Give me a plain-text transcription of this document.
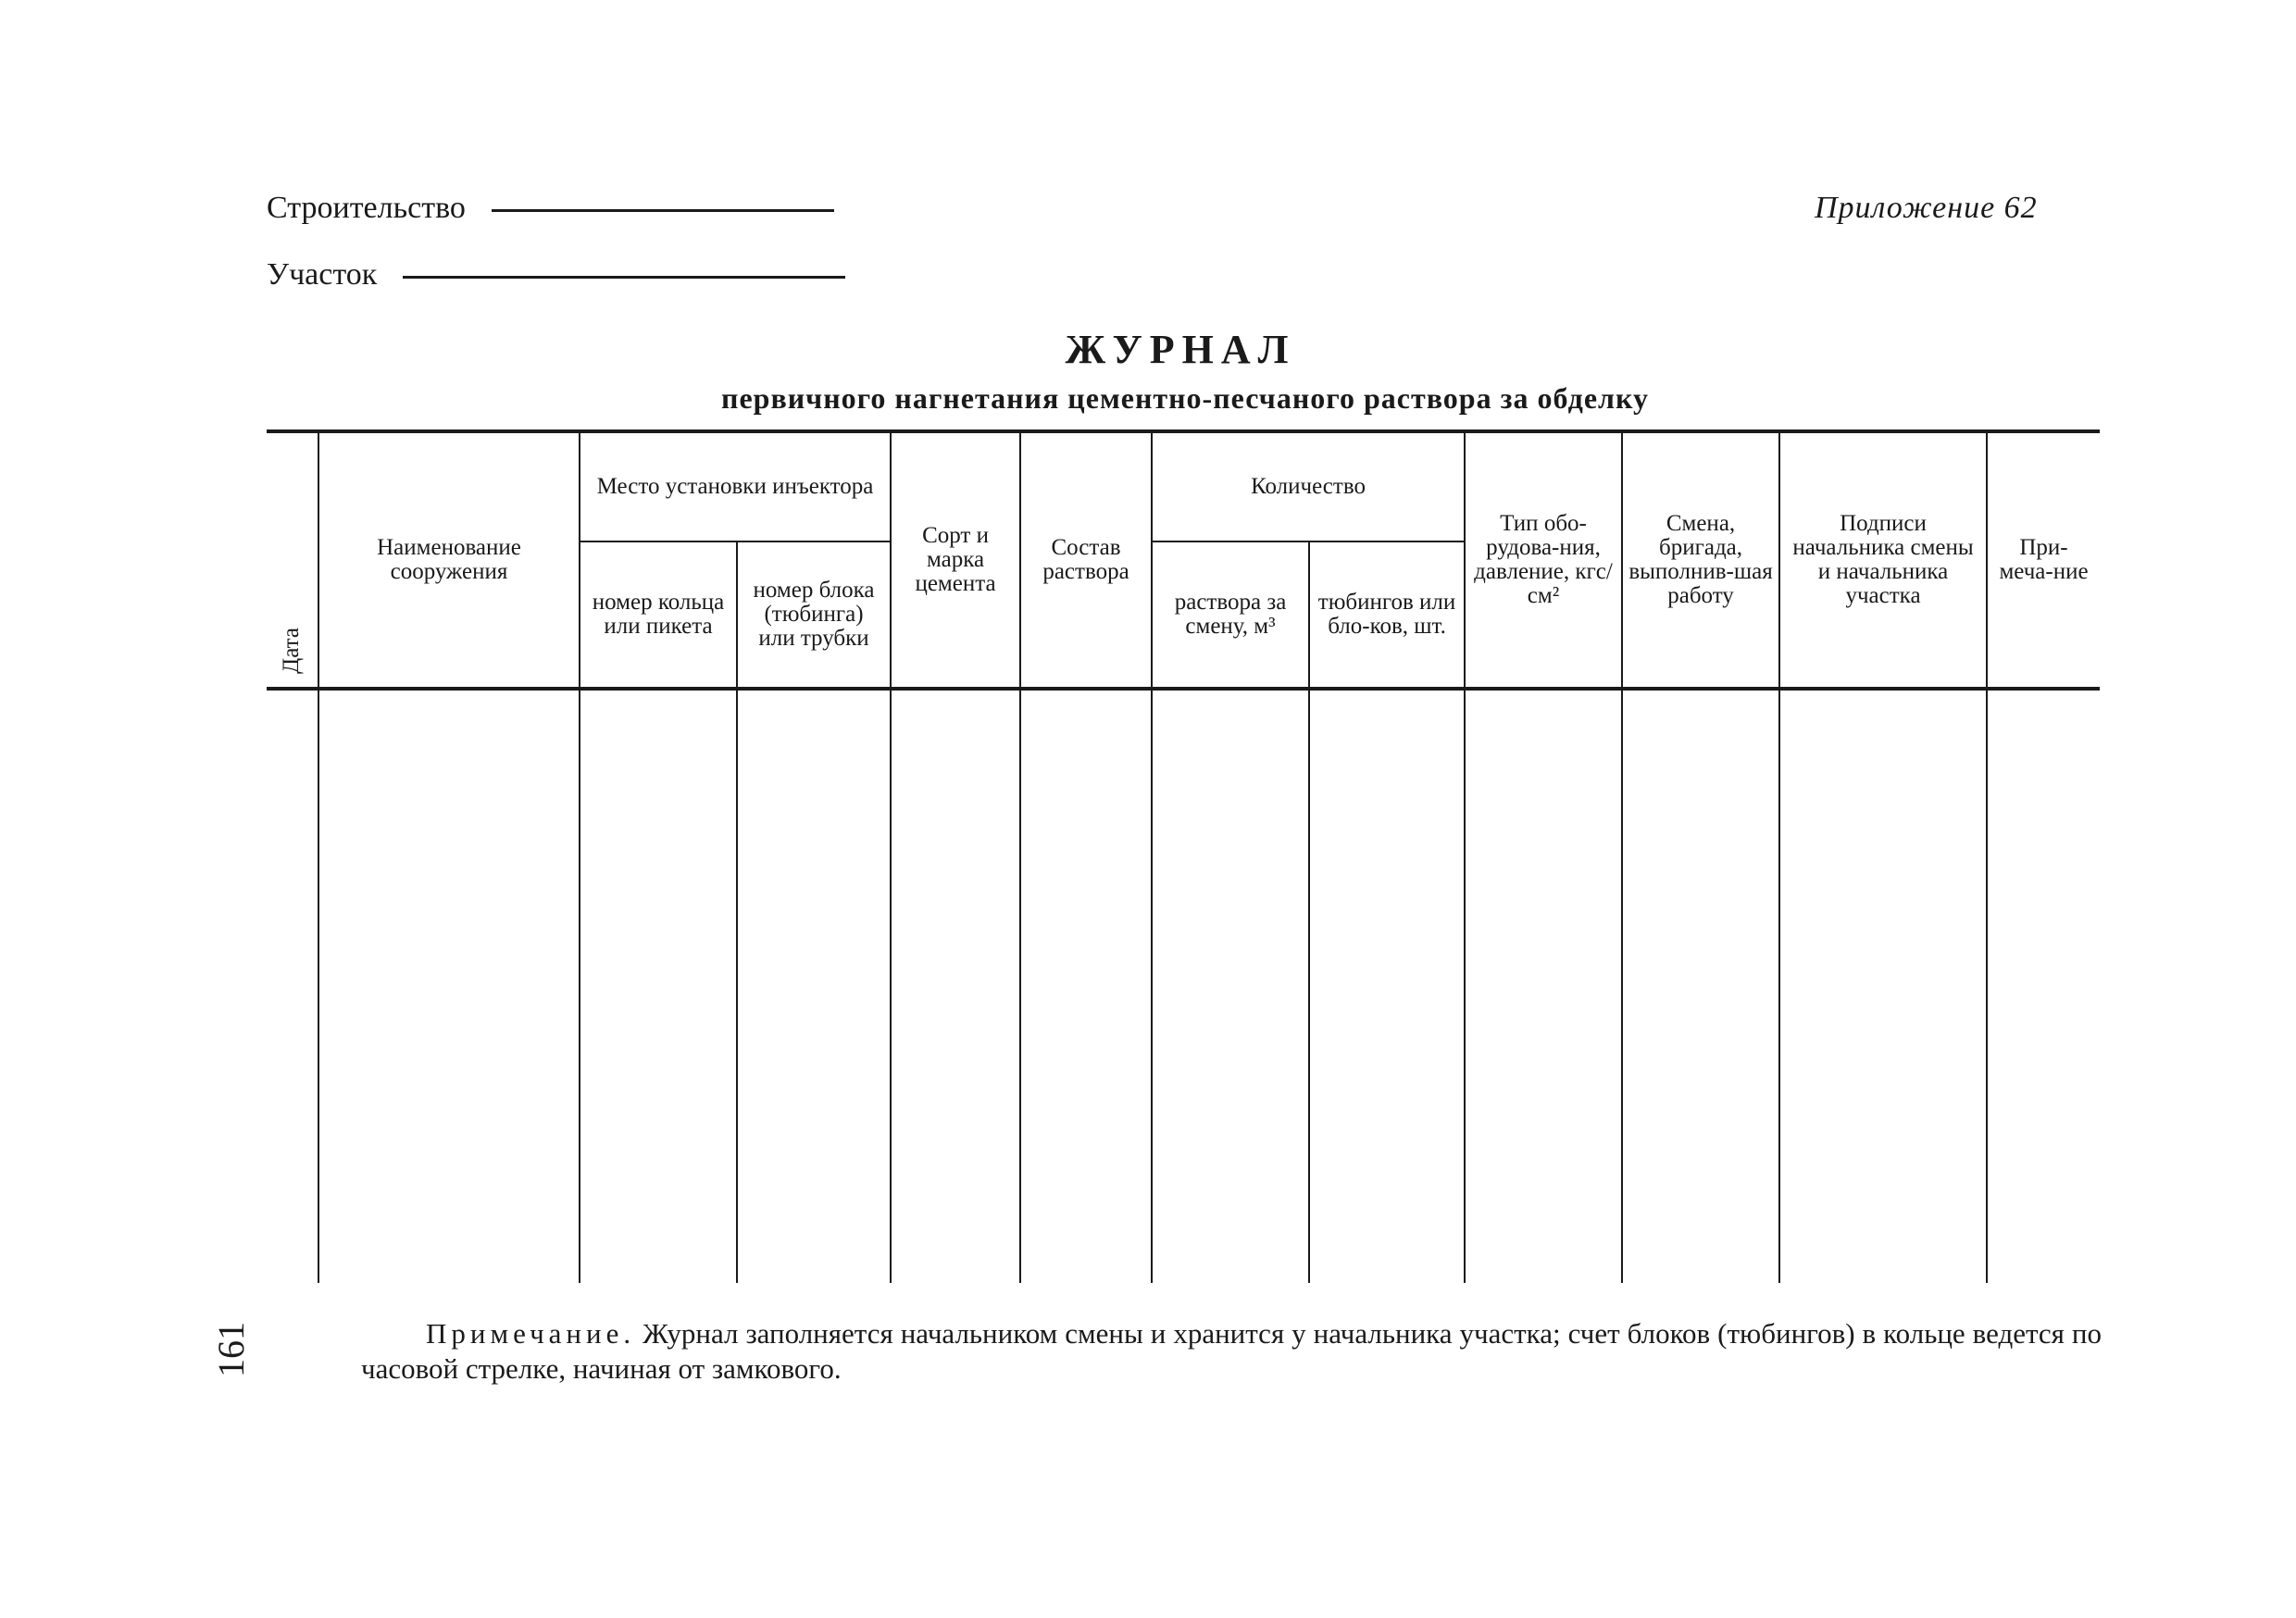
Строительство
Участок
Приложение 62
ЖУРНАЛ
первичного нагнетания цементно-песчаного раствора за обделку
Дата	Наименование сооружения	Место установки инъектора		Сорт и марка цемента	Состав раствора	Количество		Тип обо-рудова-ния, давление, кгс/см²	Смена, бригада, выполнив-шая работу	Подписи начальника смены и начальника участка	При-меча-ние
		номер кольца или пикета	номер блока (тюбинга) или трубки			раствора за смену, м³	тюбингов или бло-ков, шт.				

161	Примечание. Журнал заполняется начальником смены и хранится у начальника участка; счет блоков (тюбингов) в кольце ведется по часовой стрелке, начиная от замкового.
